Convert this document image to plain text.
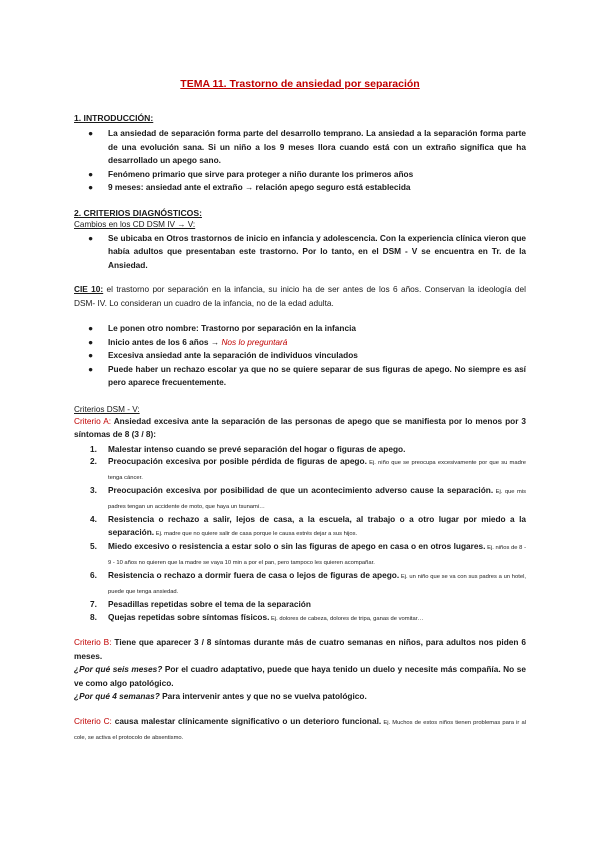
TEMA 11. Trastorno de ansiedad por separación

1. INTRODUCCIÓN:

● La ansiedad de separación forma parte del desarrollo temprano. La ansiedad a la separación forma parte de una evolución sana. Si un niño a los 9 meses llora cuando está con un extraño significa que ha desarrollado un apego sano.
● Fenómeno primario que sirve para proteger a niño durante los primeros años
● 9 meses: ansiedad ante el extraño → relación apego seguro está establecida

2. CRITERIOS DIAGNÓSTICOS:

Cambios en los CD DSM IV → V:

● Se ubicaba en Otros trastornos de inicio en infancia y adolescencia. Con la experiencia clínica vieron que había adultos que presentaban este trastorno. Por lo tanto, en el DSM - V se encuentra en Tr. de la Ansiedad.

CIE 10: el trastorno por separación en la infancia, su inicio ha de ser antes de los 6 años. Conservan la ideología del DSM- IV. Lo consideran un cuadro de la infancia, no de la edad adulta.

● Le ponen otro nombre: Trastorno por separación en la infancia
● Inicio antes de los 6 años → Nos lo preguntará
● Excesiva ansiedad ante la separación de individuos vinculados
● Puede haber un rechazo escolar ya que no se quiere separar de sus figuras de apego. No siempre es así pero aparece frecuentemente.

Criterios DSM - V:

Criterio A: Ansiedad excesiva ante la separación de las personas de apego que se manifiesta por lo menos por 3 síntomas de 8 (3 / 8):

1. Malestar intenso cuando se prevé separación del hogar o figuras de apego.
2. Preocupación excesiva por posible pérdida de figuras de apego. Ej. niño que se preocupa excesivamente por que su madre tenga cáncer.
3. Preocupación excesiva por posibilidad de que un acontecimiento adverso cause la separación. Ej. que mis padres tengan un accidente de moto, que haya un tsunami…
4. Resistencia o rechazo a salir, lejos de casa, a la escuela, al trabajo o a otro lugar por miedo a la separación. Ej. madre que no quiere salir de casa porque le causa estrés dejar a sus hijos.
5. Miedo excesivo o resistencia a estar solo o sin las figuras de apego en casa o en otros lugares. Ej. niños de 8 - 9 - 10 años no quieren que la madre se vaya 10 min a por el pan, pero tampoco les quieren acompañar.
6. Resistencia o rechazo a dormir fuera de casa o lejos de figuras de apego. Ej. un niño que se va con sus padres a un hotel, puede que tenga ansiedad.
7. Pesadillas repetidas sobre el tema de la separación
8. Quejas repetidas sobre síntomas físicos. Ej. dolores de cabeza, dolores de tripa, ganas de vomitar…

Criterio B: Tiene que aparecer 3 / 8 síntomas durante más de cuatro semanas en niños, para adultos nos piden 6 meses.

¿Por qué seis meses? Por el cuadro adaptativo, puede que haya tenido un duelo y necesite más compañía. No se ve como algo patológico.

¿Por qué 4 semanas? Para intervenir antes y que no se vuelva patológico.

Criterio C: causa malestar clínicamente significativo o un deterioro funcional. Ej. Muchos de estos niños tienen problemas para ir al cole, se activa el protocolo de absentismo.
